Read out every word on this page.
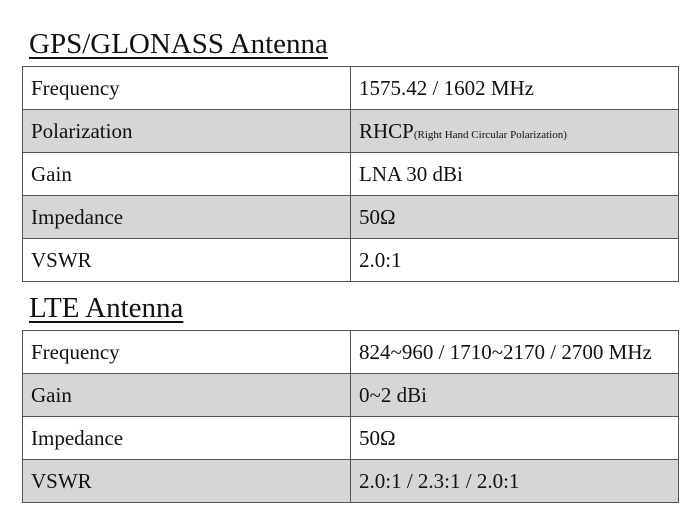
GPS/GLONASS Antenna
Frequency	1575.42 / 1602 MHz
Polarization	RHCP(Right Hand Circular Polarization)
Gain	LNA 30 dBi
Impedance	50Ω
VSWR	2.0:1
LTE Antenna
Frequency	824~960 / 1710~2170 / 2700 MHz
Gain	0~2 dBi
Impedance	50Ω
VSWR	2.0:1 / 2.3:1 / 2.0:1
